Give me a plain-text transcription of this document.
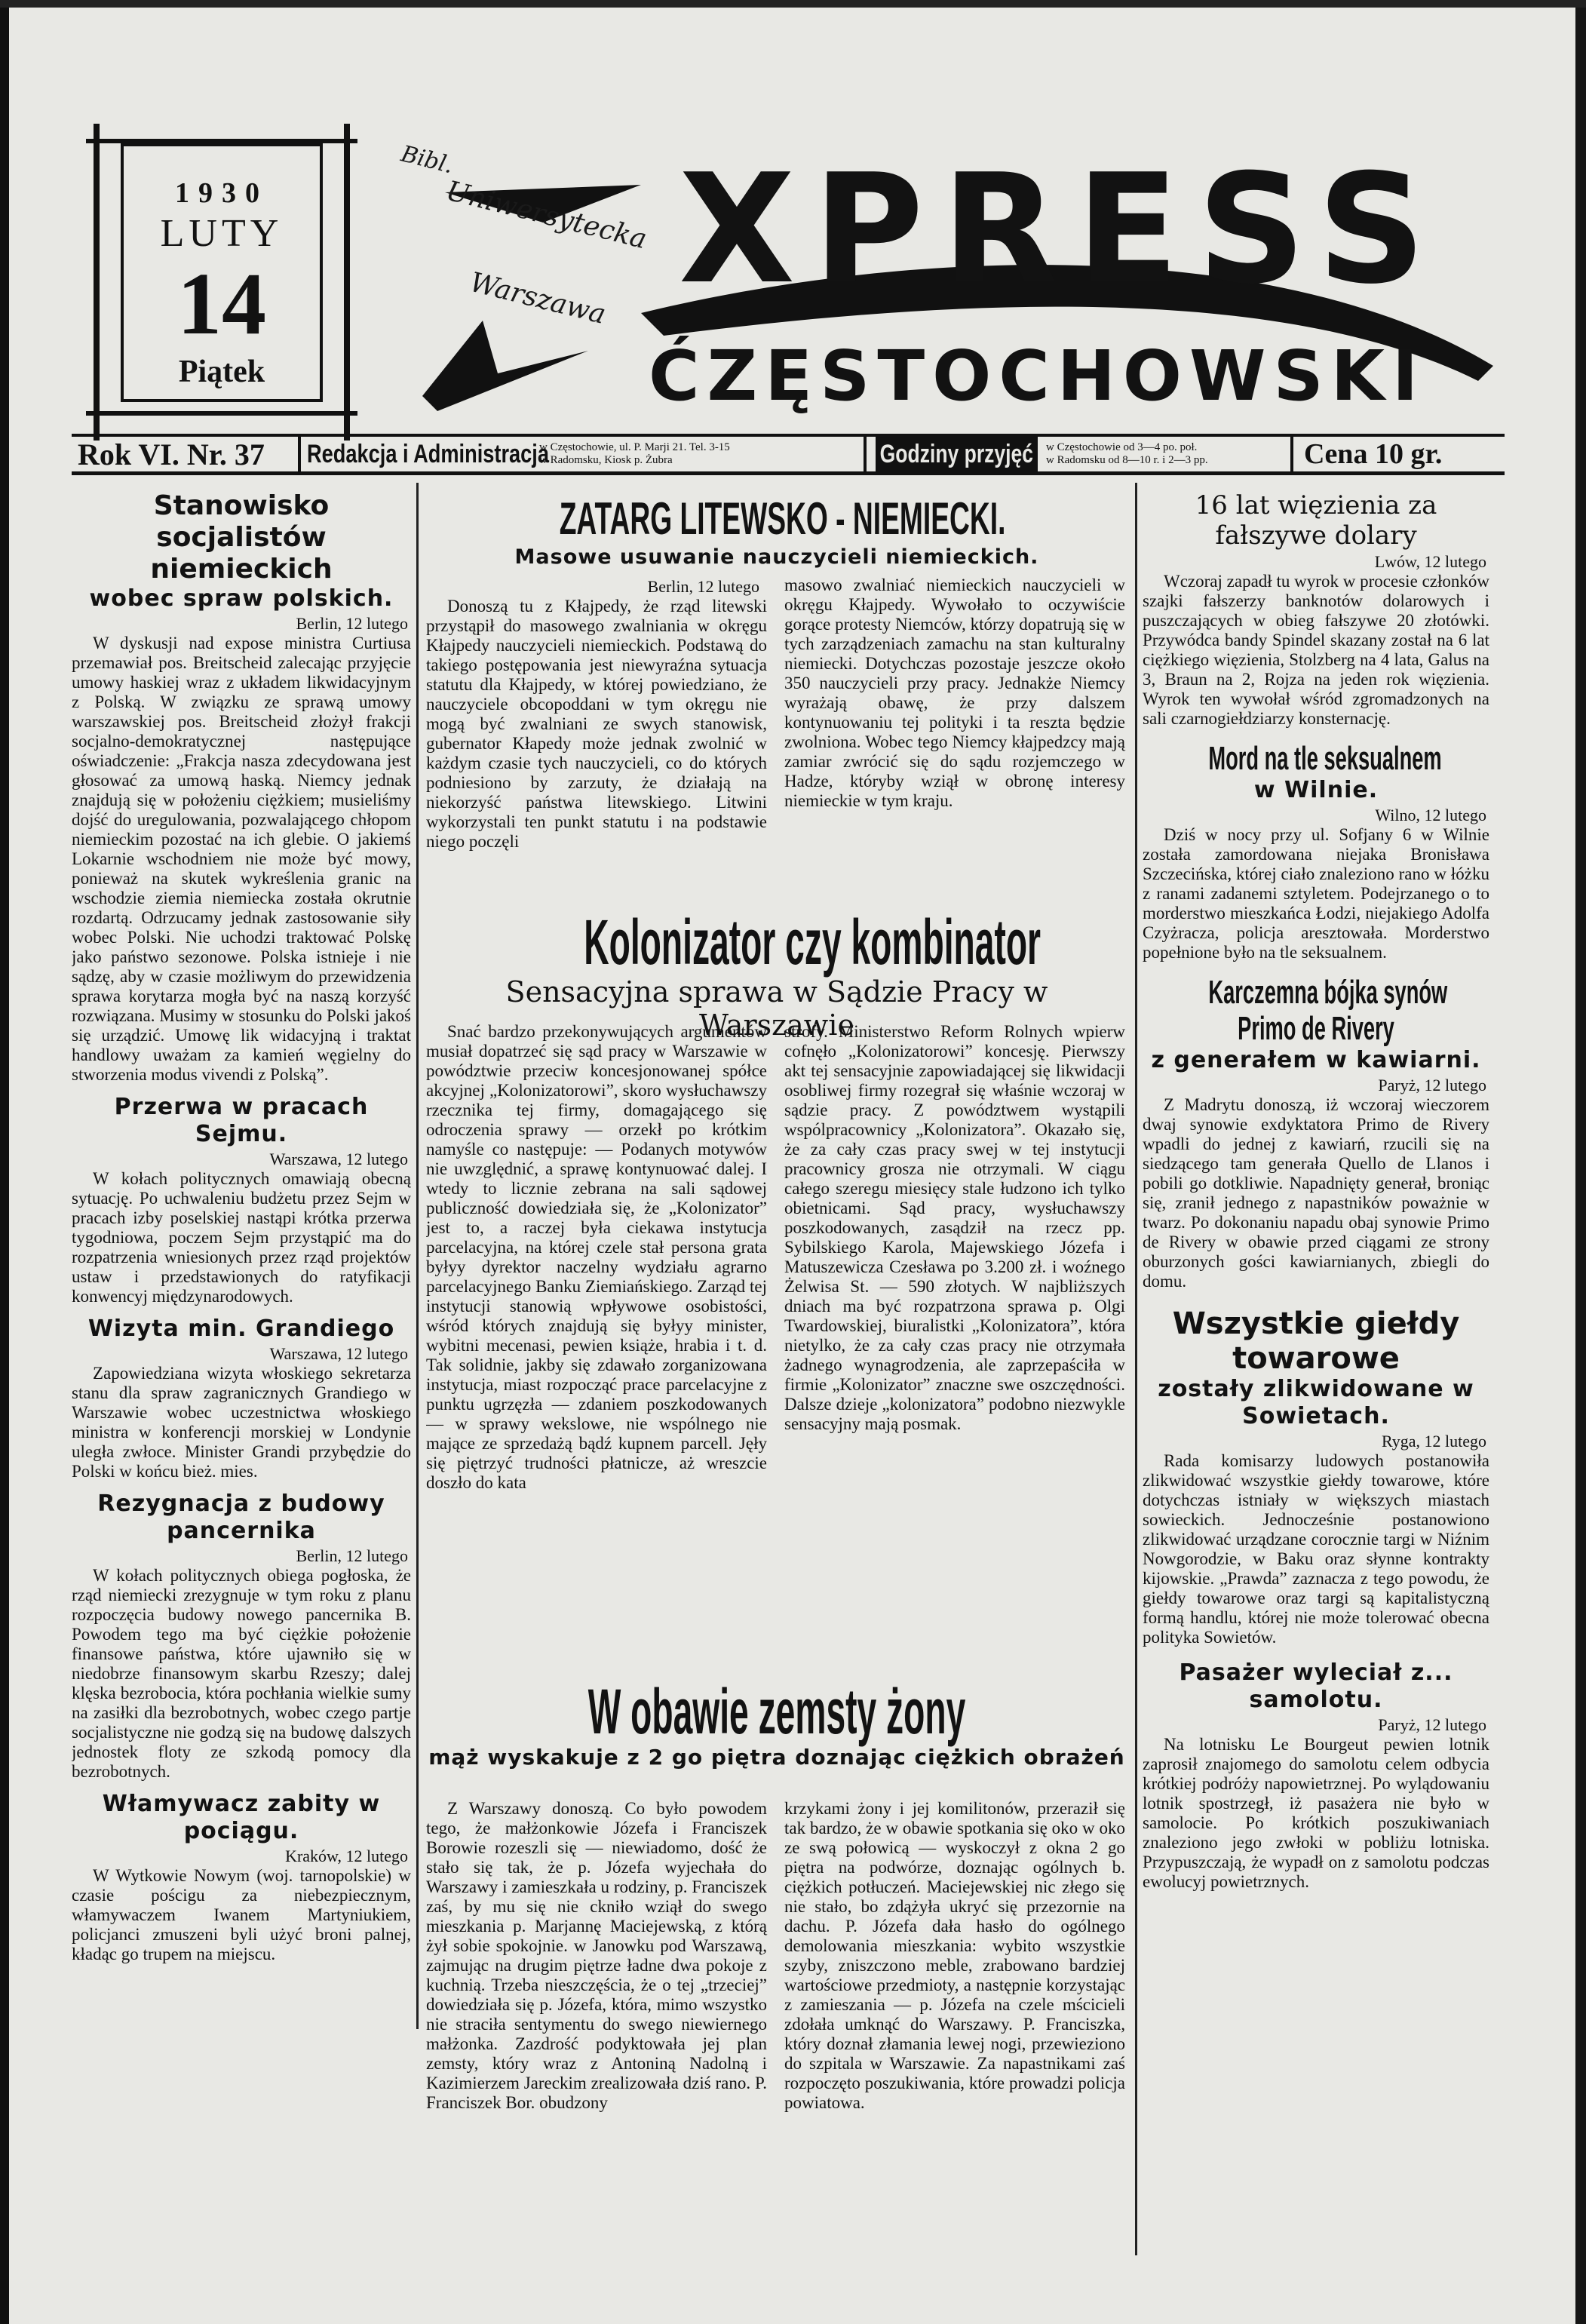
1930
LUTY
14
Piątek
XPRESS
ĆZĘSTOCHOWSKI
Bibl.
Uniwersytecka
Warszawa
Rok VI. Nr. 37 Redakcja i Administracja
w Częstochowie, ul. P. Marji 21. Tel. 3-15
w Radomsku, Kiosk p. Żubra	Godziny przyjęć w Częstochowie od 3—4 po. poł.
w Radomsku od 8—10 r. i 2—3 pp.	Cena 10 gr.
Stanowisko socjalistów niemieckich
wobec spraw polskich.
Berlin, 12 lutego

W dyskusji nad expose ministra Curtiusa przemawiał pos. Breitscheid zalecając przyjęcie umowy haskiej wraz z układem likwidacyjnym z Polską. W związku ze sprawą umowy warszawskiej pos. Breitscheid złożył frakcji socjalno-demokratycznej następujące oświadczenie: „Frakcja nasza zdecydowana jest głosować za umową haską. Niemcy jednak znajdują się w położeniu ciężkiem; musieliśmy dojść do uregulowania, pozwalającego chłopom niemieckim pozostać na ich glebie. O jakiemś Lokarnie wschodniem nie może być mowy, ponieważ na skutek wykreślenia granic na wschodzie ziemia niemiecka została okrutnie rozdartą. Odrzucamy jednak zastosowanie siły wobec Polski. Nie uchodzi traktować Polskę jako państwo sezonowe. Polska istnieje i nie sądzę, aby w czasie możliwym do przewidzenia sprawa korytarza mogła być na naszą korzyść rozwiązana. Musimy w stosunku do Polski jakoś się urządzić. Umowę lik widacyjną i traktat handlowy uważam za kamień węgielny do stworzenia modus vivendi z Polską”.

Przerwa w pracach Sejmu.
Warszawa, 12 lutego

W kołach politycznych omawiają obecną sytuację. Po uchwaleniu budżetu przez Sejm w pracach izby poselskiej nastąpi krótka przerwa tygodniowa, poczem Sejm przystąpić ma do rozpatrzenia wniesionych przez rząd projektów ustaw i przedstawionych do ratyfikacji konwencyj międzynarodowych.

Wizyta min. Grandiego
Warszawa, 12 lutego

Zapowiedziana wizyta włoskiego sekretarza stanu dla spraw zagranicznych Grandiego w Warszawie wobec uczestnictwa włoskiego ministra w konferencji morskiej w Londynie uległa zwłoce. Minister Grandi przybędzie do Polski w końcu bież. mies.

Rezygnacja z budowy pancernika
Berlin, 12 lutego

W kołach politycznych obiega pogłoska, że rząd niemiecki zrezygnuje w tym roku z planu rozpoczęcia budowy nowego pancernika B. Powodem tego ma być ciężkie położenie finansowe państwa, które ujawniło się w niedobrze finansowym skarbu Rzeszy; dalej klęska bezrobocia, która pochłania wielkie sumy na zasiłki dla bezrobotnych, wobec czego partje socjalistyczne nie godzą się na budowę dalszych jednostek floty ze szkodą pomocy dla bezrobotnych.

Włamywacz zabity w pociągu.
Kraków, 12 lutego

W Wytkowie Nowym (woj. tarnopolskie) w czasie pościgu za niebezpiecznym, włamywaczem Iwanem Martyniukiem, policjanci zmuszeni byli użyć broni palnej, kładąc go trupem na miejscu.

ZATARG LITEWSKO - NIEMIECKI.
Masowe usuwanie nauczycieli niemieckich.
Berlin, 12 lutego

Donoszą tu z Kłajpedy, że rząd litewski przystąpił do masowego zwalniania w okręgu Kłajpedy nauczycieli niemieckich. Podstawą do takiego postępowania jest niewyraźna sytuacja statutu dla Kłajpedy, w której powiedziano, że nauczyciele obcopoddani w tym okręgu nie mogą być zwalniani ze swych stanowisk, gubernator Kłapedy może jednak zwolnić w każdym czasie tych nauczycieli, co do których podniesiono by zarzuty, że działają na niekorzyść państwa litewskiego. Litwini wykorzystali ten punkt statutu i na podstawie niego poczęli

masowo zwalniać niemieckich nauczycieli w okręgu Kłajpedy. Wywołało to oczywiście gorące protesty Niemców, którzy dopatrują się w tych zarządzeniach zamachu na stan kulturalny niemiecki. Dotychczas pozostaje jeszcze około 350 nauczycieli przy pracy. Jednakże Niemcy wyrażają obawę, że przy dalszem kontynuowaniu tej polityki i ta reszta będzie zwolniona. Wobec tego Niemcy kłajpedzcy mają zamiar zwrócić się do sądu rozjemczego w Hadze, któryby wziął w obronę interesy niemieckie w tym kraju.

Kolonizator czy kombinator
Sensacyjna sprawa w Sądzie Pracy w Warszawie

Snać bardzo przekonywujących argumentów musiał dopatrzeć się sąd pracy w Warszawie w powództwie przeciw koncesjonowanej spółce akcyjnej „Kolonizatorowi”, skoro wysłuchawszy rzecznika tej firmy, domagającego się odroczenia sprawy — orzekł po krótkim namyśle co następuje: — Podanych motywów nie uwzględnić, a sprawę kontynuować dalej. I wtedy to licznie zebrana na sali sądowej publiczność dowiedziała się, że „Kolonizator” jest to, a raczej była ciekawa instytucja parcelacyjna, na której czele stał persona grata byłyy dyrektor naczelny wydziału agrarno parcelacyjnego Banku Ziemiańskiego. Zarząd tej instytucji stanowią wpływowe osobistości, wśród których znajdują się byłyy minister, wybitni mecenasi, pewien książe, hrabia i t. d. Tak solidnie, jakby się zdawało zorganizowana instytucja, miast rozpocząć prace parcelacyjne z punktu ugrzęzła — zdaniem poszkodowanych — w sprawy wekslowe, nie wspólnego nie mające ze sprzedażą bądź kupnem parcell. Jęły się piętrzyć trudności płatnicze, aż wreszcie doszło do kata

strofy. Ministerstwo Reform Rolnych wpierw cofnęło „Kolonizatorowi” koncesję. Pierwszy akt tej sensacyjnie zapowiadającej się likwidacji osobliwej firmy rozegrał się właśnie wczoraj w sądzie pracy. Z powództwem wystąpili wspólpracownicy „Kolonizatora”. Okazało się, że za cały czas pracy swej w tej instytucji pracownicy grosza nie otrzymali. W ciągu całego szeregu miesięcy stale łudzono ich tylko obietnicami. Sąd pracy, wysłuchawszy poszkodowanych, zasądził na rzecz pp. Sybilskiego Karola, Majewskiego Józefa i Matuszewicza Czesława po 3.200 zł. i woźnego Żelwisa St. — 590 złotych. W najbliższych dniach ma być rozpatrzona sprawa p. Olgi Twardowskiej, biuralistki „Kolonizatora”, która nietylko, że za cały czas pracy nie otrzymała żadnego wynagrodzenia, ale zaprzepaściła w firmie „Kolonizator” znaczne swe oszczędności. Dalsze dzieje „kolonizatora” podobno niezwykle sensacyjny mają posmak.

W obawie zemsty żony
mąż wyskakuje z 2 go piętra doznając ciężkich obrażeń

Z Warszawy donoszą. Co było powodem tego, że małżonkowie Józefa i Franciszek Borowie rozeszli się — niewiadomo, dość że stało się tak, że p. Józefa wyjechała do Warszawy i zamieszkała u rodziny, p. Franciszek zaś, by mu się nie ckniło wziął do swego mieszkania p. Marjannę Maciejewską, z którą żył sobie spokojnie. w Janowku pod Warszawą, zajmując na drugim piętrze ładne dwa pokoje z kuchnią. Trzeba nieszczęścia, że o tej „trzeciej” dowiedziała się p. Józefa, która, mimo wszystko nie straciła sentymentu do swego niewiernego małżonka. Zazdrość podyktowała jej plan zemsty, który wraz z Antoniną Nadolną i Kazimierzem Jareckim zrealizowała dziś rano. P. Franciszek Bor. obudzony

krzykami żony i jej komilitonów, przeraził się tak bardzo, że w obawie spotkania się oko w oko ze swą połowicą — wyskoczył z okna 2 go piętra na podwórze, doznając ogólnych b. ciężkich potłuczeń. Maciejewskiej nic złego się nie stało, bo zdążyła ukryć się przezornie na dachu. P. Józefa dała hasło do ogólnego demolowania mieszkania: wybito wszystkie szyby, zniszczono meble, zrabowano bardziej wartościowe przedmioty, a następnie korzystając z zamieszania — p. Józefa na czele mścicieli zdołała umknąć do Warszawy. P. Franciszka, który doznał złamania lewej nogi, przewieziono do szpitala w Warszawie. Za napastnikami zaś rozpoczęto poszukiwania, które prowadzi policja powiatowa.

16 lat więzienia za fałszywe dolary
Lwów, 12 lutego

Wczoraj zapadł tu wyrok w procesie członków szajki fałszerzy banknotów dolarowych i puszczających w obieg fałszywe 20 złotówki. Przywódca bandy Spindel skazany został na 6 lat ciężkiego więzienia, Stolzberg na 4 lata, Galus na 3, Braun na 2, Rojza na jeden rok więzienia. Wyrok ten wywołał wśród zgromadzonych na sali czarnogiełdziarzy konsternację.

Mord na tle seksualnem
w Wilnie.
Wilno, 12 lutego

Dziś w nocy przy ul. Sofjany 6 w Wilnie została zamordowana niejaka Bronisława Szczecińska, której ciało znaleziono rano w łóżku z ranami zadanemi sztyletem. Podejrzanego o to morderstwo mieszkańca Łodzi, niejakiego Adolfa Czyżracza, policja aresztowała. Morderstwo popełnione było na tle seksualnem.

Karczemna bójka synów
Primo de Rivery
z generałem w kawiarni.
Paryż, 12 lutego

Z Madrytu donoszą, iż wczoraj wieczorem dwaj synowie exdyktatora Primo de Rivery wpadli do jednej z kawiarń, rzucili się na siedzącego tam generała Quello de Llanos i pobili go dotkliwie. Napadnięty generał, broniąc się, zranił jednego z napastników poważnie w twarz. Po dokonaniu napadu obaj synowie Primo de Rivery w obawie przed ciągami ze strony oburzonych gości kawiarnianych, zbiegli do domu.

Wszystkie giełdy towarowe
zostały zlikwidowane w Sowietach.
Ryga, 12 lutego

Rada komisarzy ludowych postanowiła zlikwidować wszystkie giełdy towarowe, które dotychczas istniały w większych miastach sowieckich. Jednocześnie postanowiono zlikwidować urządzane corocznie targi w Niźnim Nowgorodzie, w Baku oraz słynne kontrakty kijowskie. „Prawda” zaznacza z tego powodu, że giełdy towarowe oraz targi są kapitalistyczną formą handlu, której nie może tolerować obecna polityka Sowietów.

Pasażer wyleciał z... samolotu.
Paryż, 12 lutego

Na lotnisku Le Bourgeut pewien lotnik zaprosił znajomego do samolotu celem odbycia krótkiej podróży napowietrznej. Po wylądowaniu lotnik spostrzegł, iż pasażera nie było w samolocie. Po krótkich poszukiwaniach znaleziono jego zwłoki w pobliżu lotniska. Przypuszczają, że wypadł on z samolotu podczas ewolucyj powietrznych.
